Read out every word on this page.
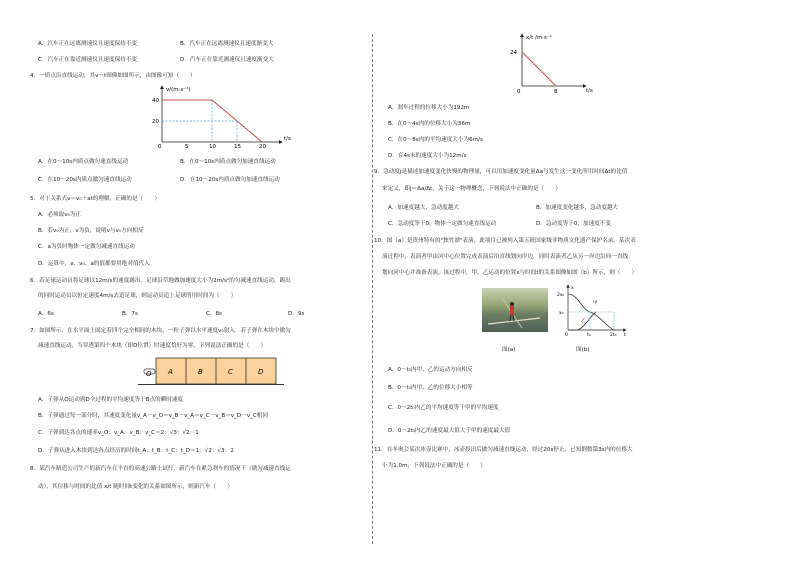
A．汽车正在远离测速仪且速度保持不变	B．汽车正在远离测速仪且速度渐变大
C．汽车正在靠近测速仪且速度保持不变	D．汽车正在靠近测速仪且速度渐变大
4．一质点沿直线运动，其v－t图像如图所示，由图像可知（　　）
v/(m·s⁻¹)
t/s
40
20
0	5	10	15	20
A．在0～10s内质点做匀速直线运动	B．在0～10s内质点做匀加速直线运动
C．在10～20s内质点做匀速直线运动	D．在10～20s内质点做匀加速直线运动
5．对于关系式v＝v₀＋at的理解，正确的是（　　）
A．必须取v₀为正
B．若v₀为正，v为负，说明v与v₀方向相反
C．a为负时物体一定做匀减速直线运动
D．运算中，v、v₀、a的值都要用绝对值代入
6．若足球运动员将足球以12m/s的速度踢出，足球沿草地做加速度大小为2m/s²的匀减速直线运动，踢出
的同时运动员以恒定速度4m/s去追足球，则运动员追上足球所用时间为（　　）
A．6s	B．7s	C．8s	D．9s
7．如图所示，在水平面上固定着四个完全相同的木块，一粒子弹以水平速度v₀射入．若子弹在木块中做匀
减速直线运动，当穿透第四个木块（即D位置）时速度恰好为零，下列说法正确的是（　　）
O A	B	C	D
A．子弹从O运动到D全过程的平均速度等于B点的瞬时速度
B．子弹通过每一部分时，其速度变化量v_A－v_O＝v_B－v_A＝v_C－v_B＝v_D－v_C相同
C．子弹到达各点的速率v_O：v_A：v_B：v_C＝2：√3：√2：1
D．子弹从进入木块到达各点经历的时间t_A：t_B：t_C：t_D＝1：√2：√3：2
8．某汽车制造公司生产的新汽车在平直的高速公路上试行，新汽车在紧急刹车的情况下（做匀减速直线运
动），其位移与时间的比值 x/t 随时间t变化的关系如图所示，则新汽车（　　）
x/t /m·s⁻¹
t/s
24
8
0
A．刹车过程的位移大小为192m
B．在0～4s内的位移大小为36m
C．在0～8s内的平均速度大小为6m/s
D．在4s末的速度大小为12m/s
9．急动度j是描述加速度变化快慢的物理量，可以用加速度变化量Δa与发生这一变化所用时间Δt的比值
来定义，即j＝Δa/Δt，关于这一物理概念，下列说法中正确的是（　　）
A．加速度越大，急动度越大	B．加速度变化越多，急动度越大
C．急动度等于0，物体一定做匀速直线运动	D．急动度等于0，加速度不变
10．图（a）是贵州特有的"独竹漂"表演，此项目已被列入第五批国家级非物质文化遗产保护名录。某次表
演过程中，表演者甲由河中心位置完成表演后沿直线划向岸边，同时表演者乙从另一岸边沿同一直线
划向河中心并准备表演，该过程中，甲、乙运动的位置x与时间t的关系图像如图（b）所示，则（　　）
2x₀
x₀
x
t
0	t₀	2t₀
甲
乙
图(a)	图(b)
A．0～t₀内甲、乙的运动方向相反
B．0～t₀内甲、乙的位移大小相等
C．0～2t₀内乙的平均速度等于甲的平均速度
D．0～2t₀内乙的速度最大值大于甲的速度最大值
11．在冬奥会某次冰壶比赛中，冰壶投出后做匀减速直线运动，经过20s停止，已知倒数第3s内的位移大
小为1.0m，下列说法中正确的是（　　）
